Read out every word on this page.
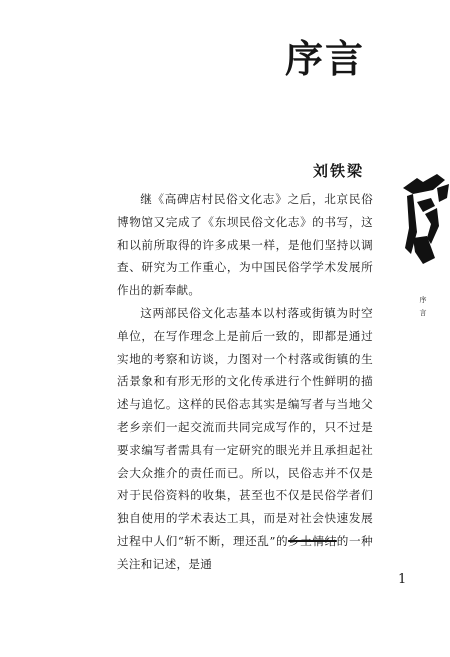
序言
刘铁梁

继《高碑店村民俗文化志》之后，北京民俗博物馆又完成了《东坝民俗文化志》的书写，这和以前所取得的许多成果一样，是他们坚持以调查、研究为工作重心，为中国民俗学学术发展所作出的新奉献。

这两部民俗文化志基本以村落或街镇为时空单位，在写作理念上是前后一致的，即都是通过实地的考察和访谈，力图对一个村落或街镇的生活景象和有形无形的文化传承进行个性鲜明的描述与追忆。这样的民俗志其实是编写者与当地父老乡亲们一起交流而共同完成写作的，只不过是要求编写者需具有一定研究的眼光并且承担起社会大众推介的责任而已。所以，民俗志并不仅是对于民俗资料的收集，甚至也不仅是民俗学者们独自使用的学术表达工具，而是对社会快速发展过程中人们“斩不断，理还乱”的乡土情结的一种关注和记述，是通

序言
1
